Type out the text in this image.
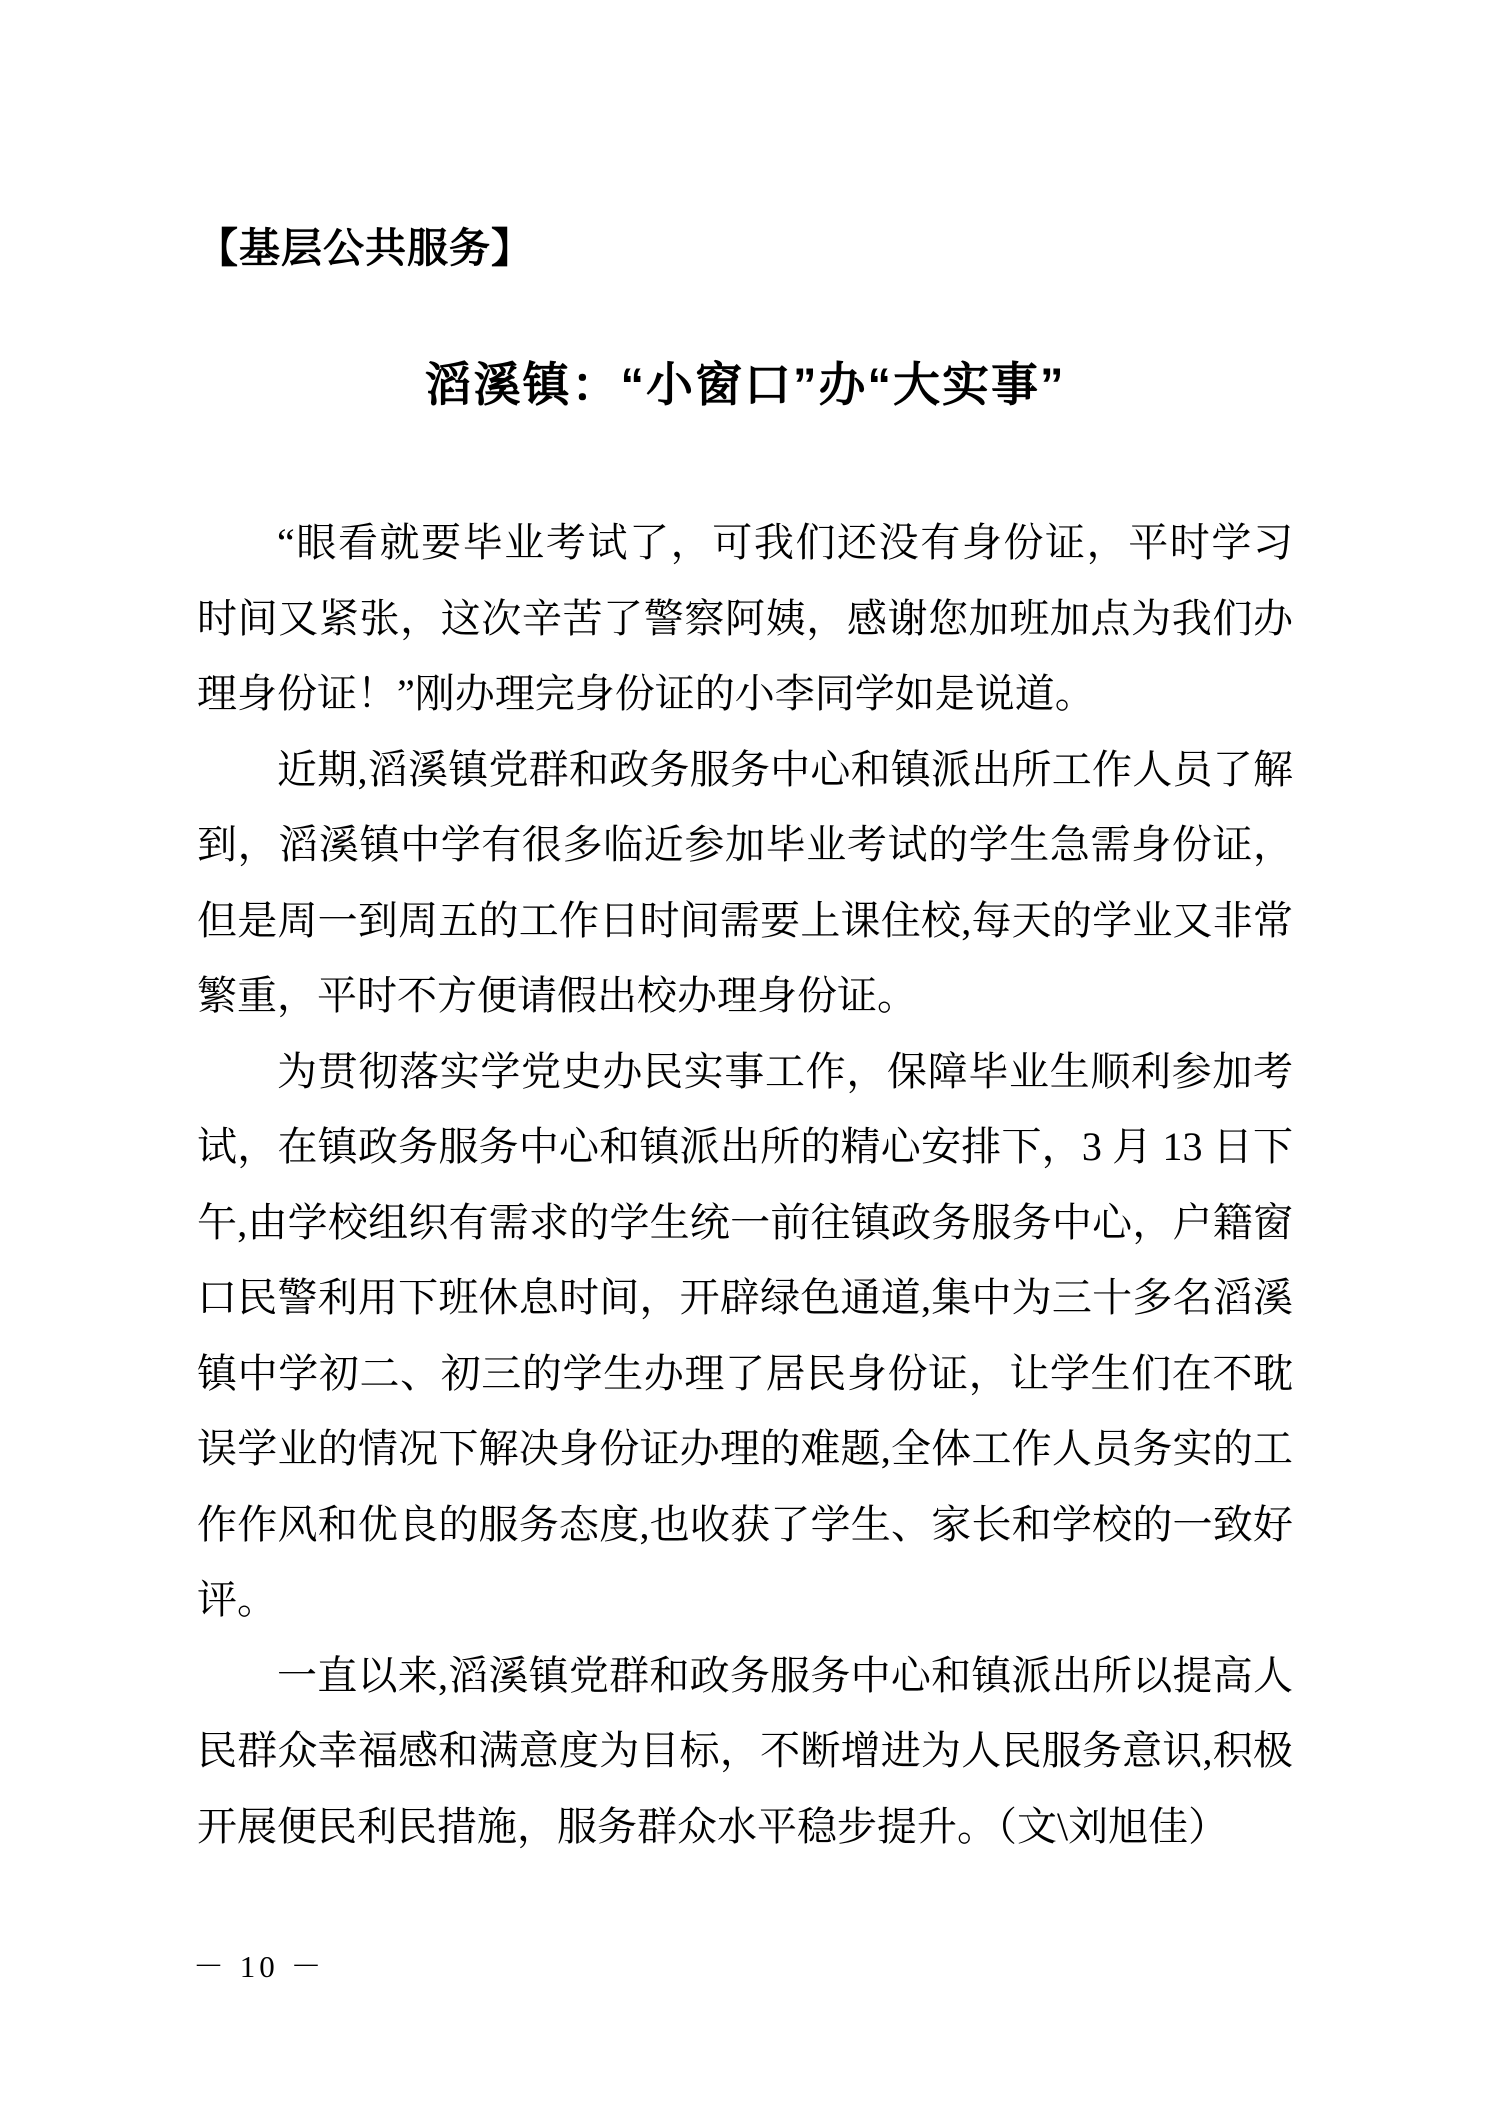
【基层公共服务】
滔溪镇：“小窗口”办“大实事”

“眼看就要毕业考试了，可我们还没有身份证，平时学习时间又紧张，这次辛苦了警察阿姨，感谢您加班加点为我们办理身份证！”刚办理完身份证的小李同学如是说道。

近期,滔溪镇党群和政务服务中心和镇派出所工作人员了解到，滔溪镇中学有很多临近参加毕业考试的学生急需身份证，但是周一到周五的工作日时间需要上课住校,每天的学业又非常繁重，平时不方便请假出校办理身份证。

为贯彻落实学党史办民实事工作，保障毕业生顺利参加考试，在镇政务服务中心和镇派出所的精心安排下，3 月 13 日下午,由学校组织有需求的学生统一前往镇政务服务中心，户籍窗口民警利用下班休息时间，开辟绿色通道,集中为三十多名滔溪镇中学初二、初三的学生办理了居民身份证，让学生们在不耽误学业的情况下解决身份证办理的难题,全体工作人员务实的工作作风和优良的服务态度,也收获了学生、家长和学校的一致好评。

一直以来,滔溪镇党群和政务服务中心和镇派出所以提高人民群众幸福感和满意度为目标，不断增进为人民服务意识,积极开展便民利民措施，服务群众水平稳步提升。（文\刘旭佳）

－ 10 －
